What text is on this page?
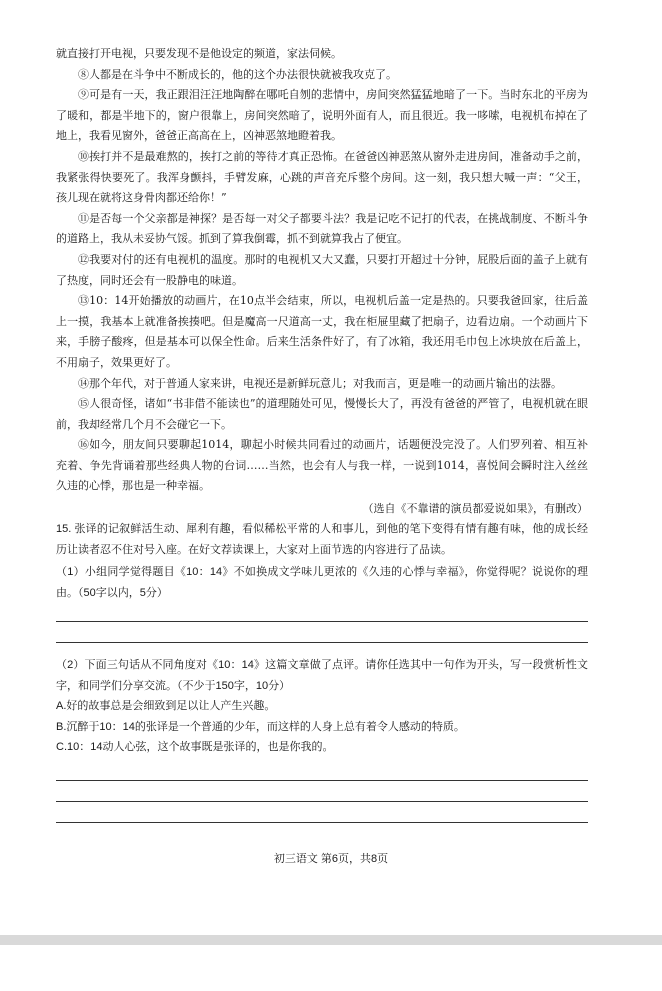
就直接打开电视，只要发现不是他设定的频道，家法伺候。

⑧人都是在斗争中不断成长的，他的这个办法很快就被我攻克了。

⑨可是有一天，我正跟泪汪汪地陶醉在哪吒自刎的悲情中，房间突然猛猛地暗了一下。当时东北的平房为了暖和，都是半地下的，窗户很靠上，房间突然暗了，说明外面有人，而且很近。我一哆嗦，电视机布掉在了地上，我看见窗外，爸爸正高高在上，凶神恶煞地瞪着我。

⑩挨打并不是最难熬的，挨打之前的等待才真正恐怖。在爸爸凶神恶煞从窗外走进房间，准备动手之前，我紧张得快要死了。我浑身颤抖，手臂发麻，心跳的声音充斥整个房间。这一刻，我只想大喊一声：“父王，孩儿现在就将这身骨肉都还给你！”

⑪是否每一个父亲都是神探？是否每一对父子都要斗法？我是记吃不记打的代表，在挑战制度、不断斗争的道路上，我从未妥协气馁。抓到了算我倒霉，抓不到就算我占了便宜。

⑫我要对付的还有电视机的温度。那时的电视机又大又蠢，只要打开超过十分钟，屁股后面的盖子上就有了热度，同时还会有一股静电的味道。

⑬10：14开始播放的动画片，在10点半会结束，所以，电视机后盖一定是热的。只要我爸回家，往后盖上一摸，我基本上就准备挨揍吧。但是魔高一尺道高一丈，我在柜屉里藏了把扇子，边看边扇。一个动画片下来，手膀子酸疼，但是基本可以保全性命。后来生活条件好了，有了冰箱，我还用毛巾包上冰块放在后盖上，不用扇子，效果更好了。

⑭那个年代，对于普通人家来讲，电视还是新鲜玩意儿；对我而言，更是唯一的动画片输出的法器。

⑮人很奇怪，诸如“书非借不能读也”的道理随处可见，慢慢长大了，再没有爸爸的严管了，电视机就在眼前，我却经常几个月不会碰它一下。

⑯如今，朋友间只要聊起1014，聊起小时候共同看过的动画片，话题便没完没了。人们罗列着、相互补充着、争先背诵着那些经典人物的台词……当然，也会有人与我一样，一说到1014，喜悦间会瞬时注入丝丝久违的心悸，那也是一种幸福。

（选自《不靠谱的演员都爱说如果》，有删改）

15. 张译的记叙鲜活生动、犀利有趣，看似稀松平常的人和事儿，到他的笔下变得有情有趣有味，他的成长经历让读者忍不住对号入座。在好文荐读课上，大家对上面节选的内容进行了品读。

（1）小组同学觉得题目《10：14》不如换成文学味儿更浓的《久违的心悸与幸福》，你觉得呢？说说你的理由。（50字以内，5分）

（2）下面三句话从不同角度对《10：14》这篇文章做了点评。请你任选其中一句作为开头，写一段赏析性文字，和同学们分享交流。（不少于150字，10分）

A.好的故事总是会细致到足以让人产生兴趣。

B.沉醉于10：14的张译是一个普通的少年，而这样的人身上总有着令人感动的特质。

C.10：14动人心弦，这个故事既是张译的，也是你我的。

初三语文 第6页，共8页
